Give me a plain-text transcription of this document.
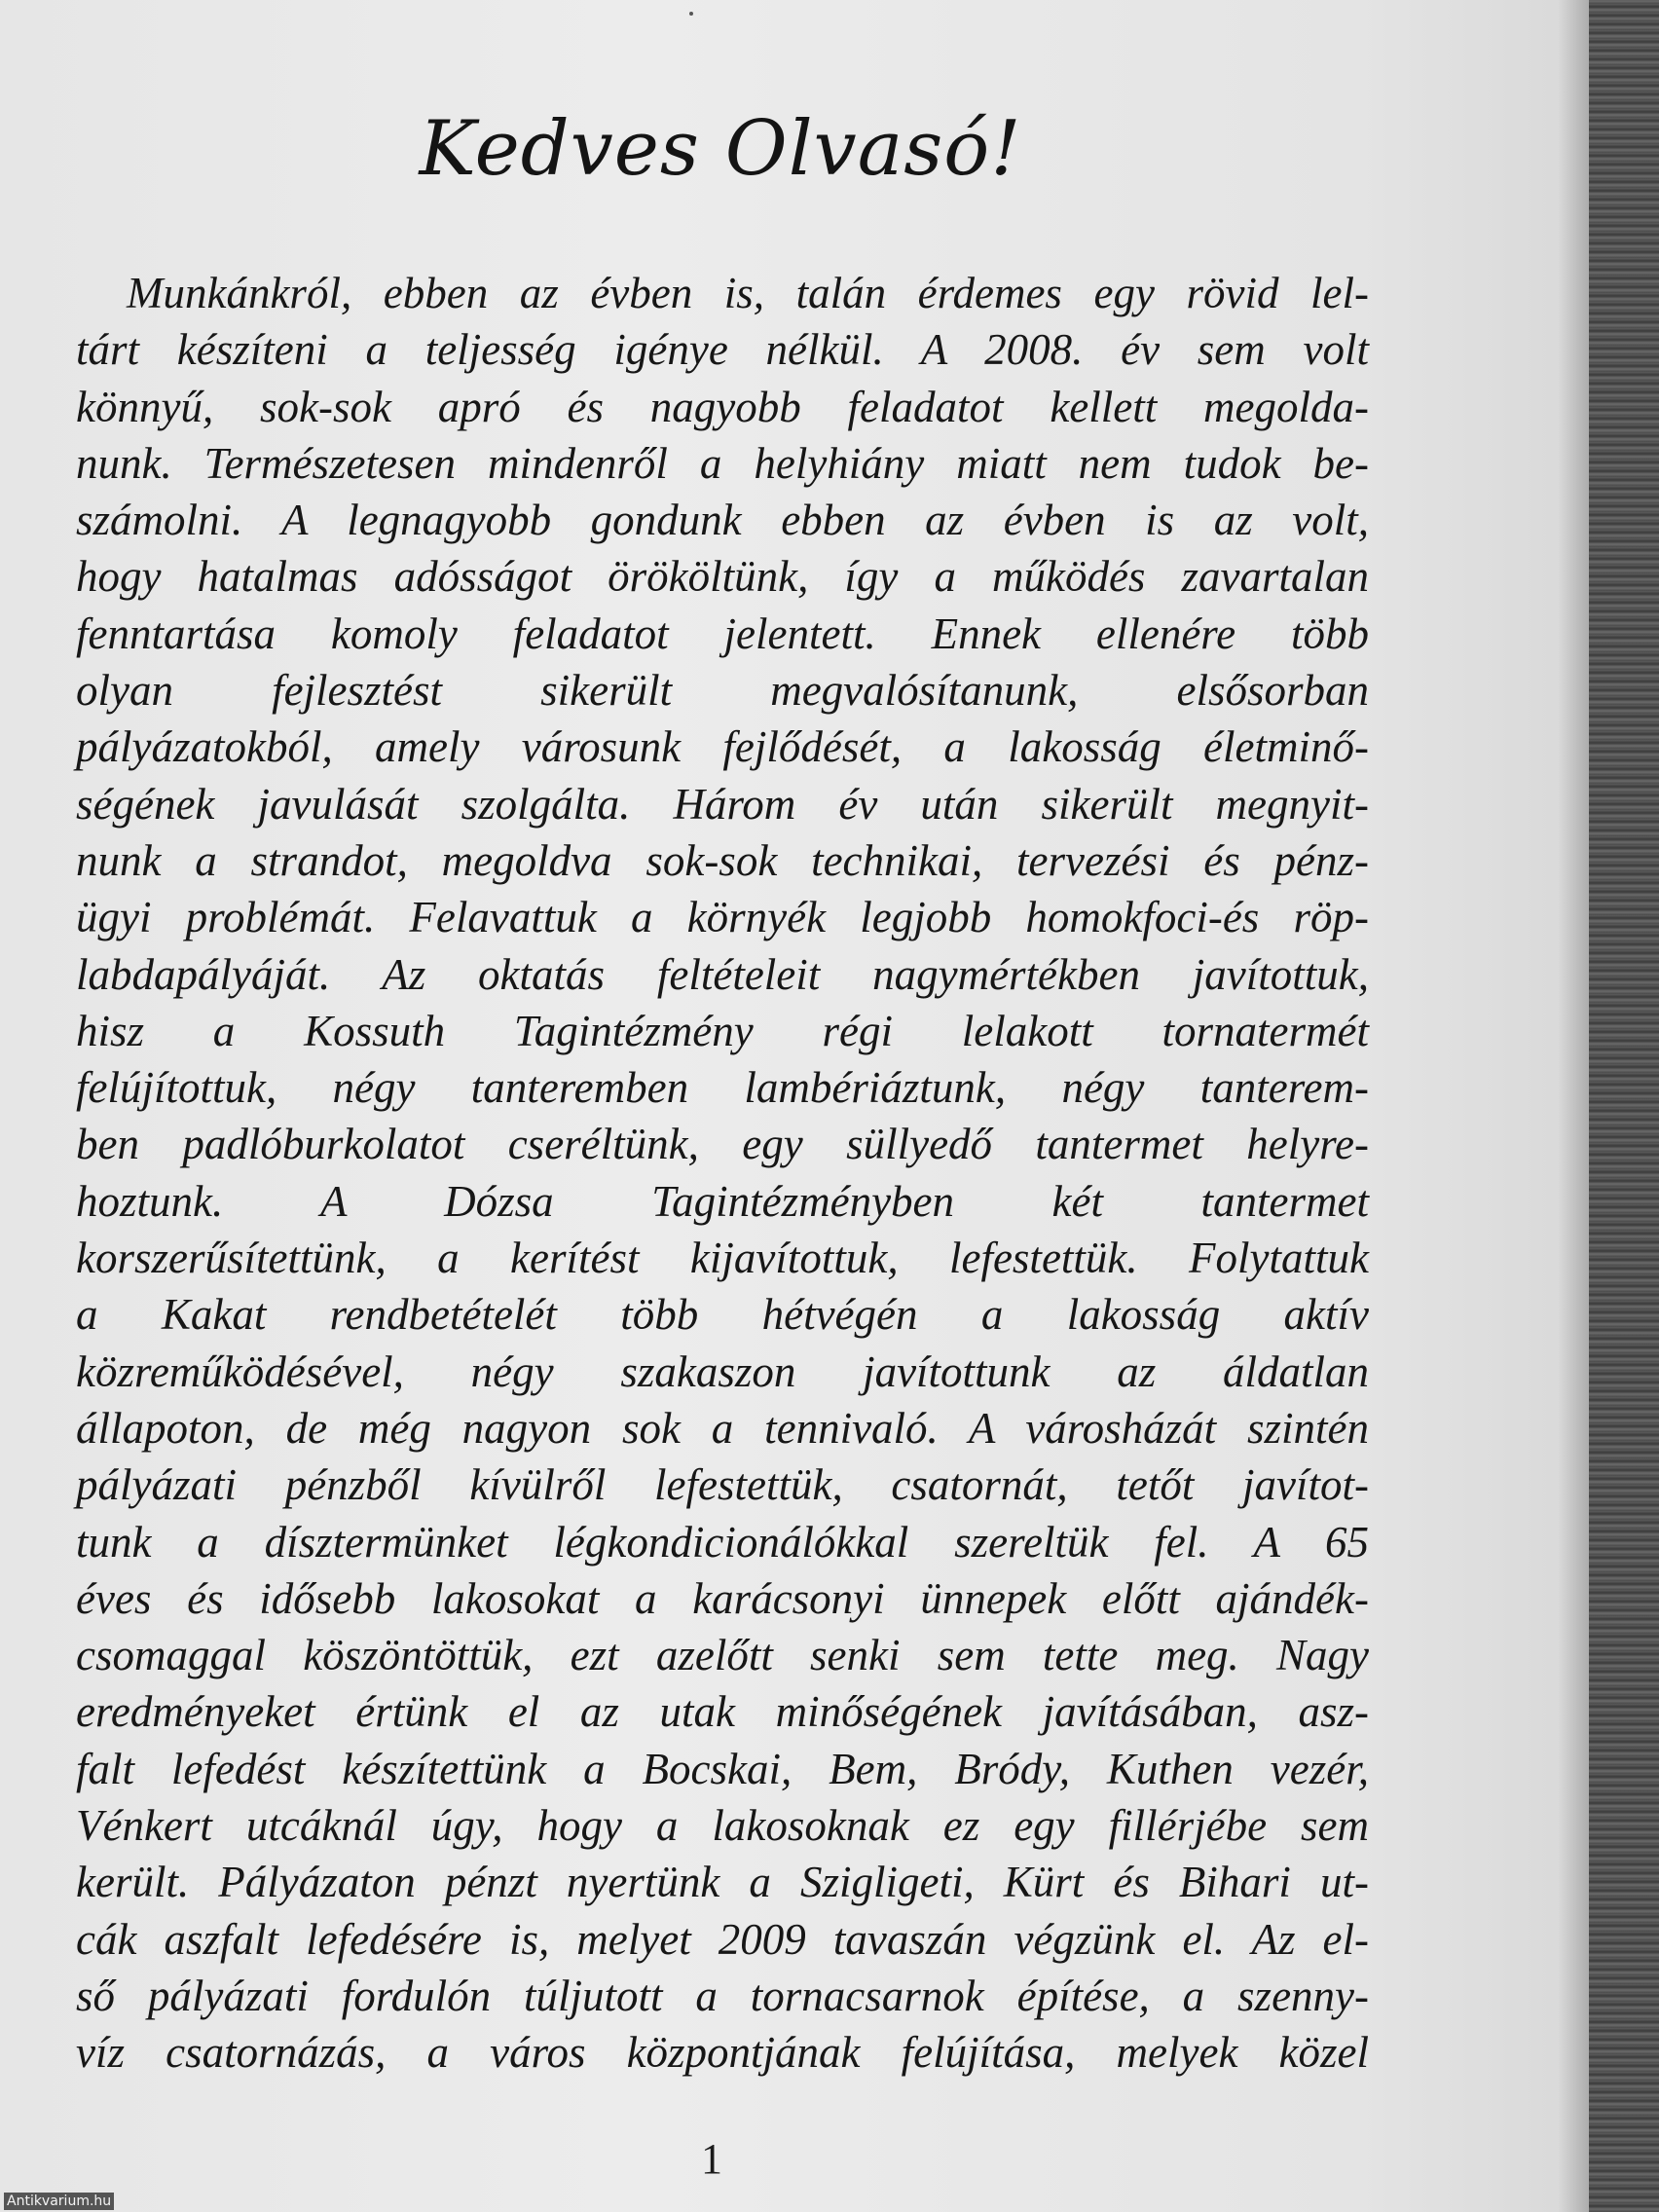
Kedves Olvasó!
Munkánkról, ebben az évben is, talán érdemes egy rövid lel-
tárt készíteni a teljesség igénye nélkül. A 2008. év sem volt
könnyű, sok-sok apró és nagyobb feladatot kellett megolda-
nunk. Természetesen mindenről a helyhiány miatt nem tudok be-
számolni. A legnagyobb gondunk ebben az évben is az volt,
hogy hatalmas adósságot örököltünk, így a működés zavartalan
fenntartása komoly feladatot jelentett. Ennek ellenére több
olyan fejlesztést sikerült megvalósítanunk, elsősorban
pályázatokból, amely városunk fejlődését, a lakosság életminő-
ségének javulását szolgálta. Három év után sikerült megnyit-
nunk a strandot, megoldva sok-sok technikai, tervezési és pénz-
ügyi problémát. Felavattuk a környék legjobb homokfoci-és röp-
labdapályáját. Az oktatás feltételeit nagymértékben javítottuk,
hisz a Kossuth Tagintézmény régi lelakott tornatermét
felújítottuk, négy tanteremben lambériáztunk, négy tanterem-
ben padlóburkolatot cseréltünk, egy süllyedő tantermet helyre-
hoztunk. A Dózsa Tagintézményben két tantermet
korszerűsítettünk, a kerítést kijavítottuk, lefestettük. Folytattuk
a Kakat rendbetételét több hétvégén a lakosság aktív
közreműködésével, négy szakaszon javítottunk az áldatlan
állapoton, de még nagyon sok a tennivaló. A városházát szintén
pályázati pénzből kívülről lefestettük, csatornát, tetőt javítot-
tunk a dísztermünket légkondicionálókkal szereltük fel. A 65
éves és idősebb lakosokat a karácsonyi ünnepek előtt ajándék-
csomaggal köszöntöttük, ezt azelőtt senki sem tette meg. Nagy
eredményeket értünk el az utak minőségének javításában, asz-
falt lefedést készítettünk a Bocskai, Bem, Bródy, Kuthen vezér,
Vénkert utcáknál úgy, hogy a lakosoknak ez egy fillérjébe sem
került. Pályázaton pénzt nyertünk a Szigligeti, Kürt és Bihari ut-
cák aszfalt lefedésére is, melyet 2009 tavaszán végzünk el. Az el-
ső pályázati fordulón túljutott a tornacsarnok építése, a szenny-
víz csatornázás, a város központjának felújítása, melyek közel
1
Antikvarium.hu
